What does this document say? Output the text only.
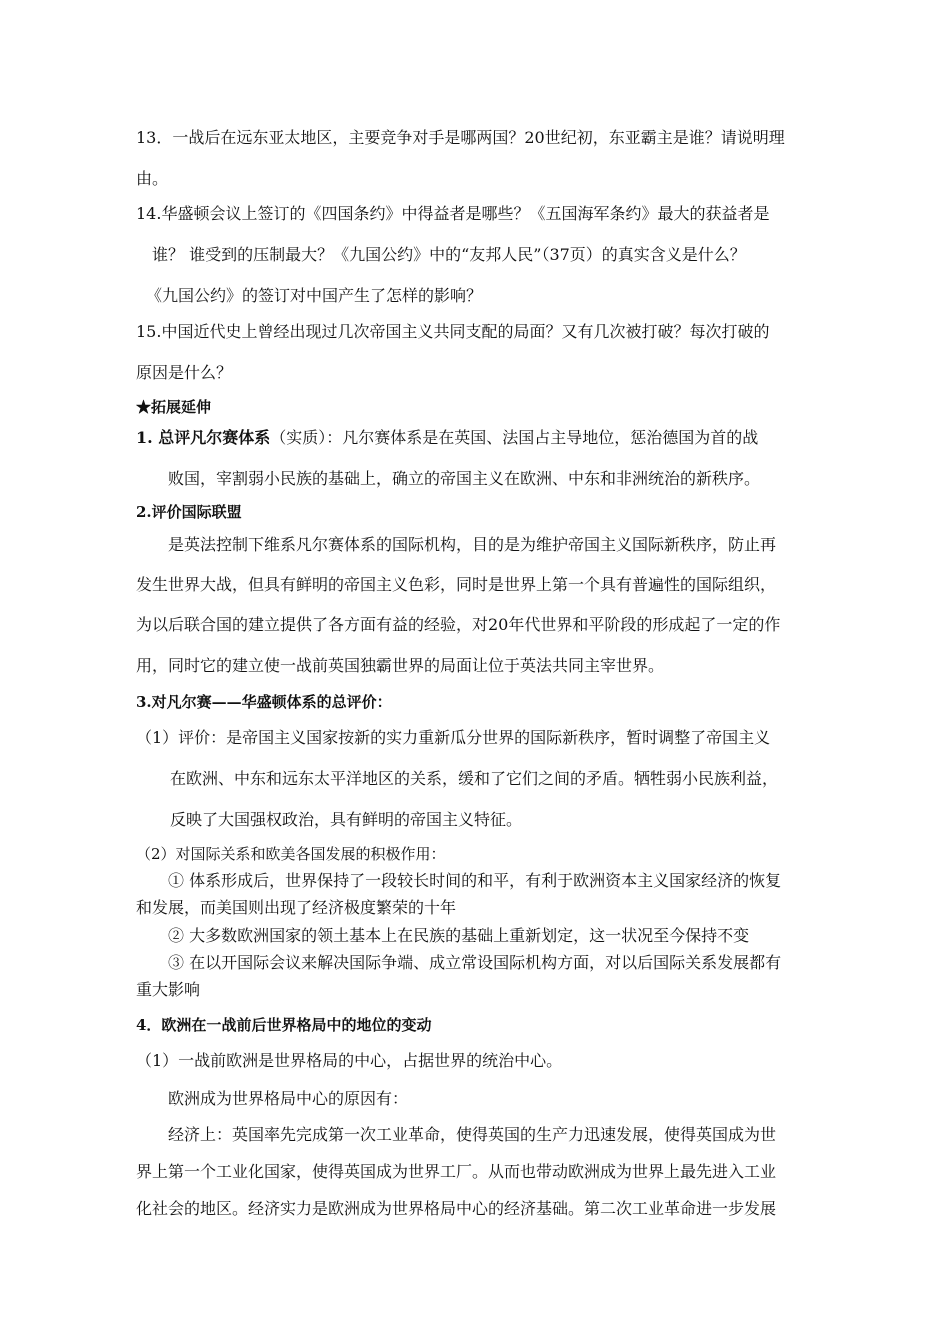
13．一战后在远东亚太地区，主要竞争对手是哪两国？20世纪初，东亚霸主是谁？请说明理
由。
14.华盛顿会议上签订的《四国条约》中得益者是哪些？《五国海军条约》最大的获益者是
谁？ 谁受到的压制最大？《九国公约》中的“友邦人民”（37页）的真实含义是什么？
《九国公约》的签订对中国产生了怎样的影响？
15.中国近代史上曾经出现过几次帝国主义共同支配的局面？又有几次被打破？每次打破的
原因是什么？
★拓展延伸
1. 总评凡尔赛体系（实质）：凡尔赛体系是在英国、法国占主导地位，惩治德国为首的战
败国，宰割弱小民族的基础上，确立的帝国主义在欧洲、中东和非洲统治的新秩序。
2.评价国际联盟
是英法控制下维系凡尔赛体系的国际机构，目的是为维护帝国主义国际新秩序，防止再
发生世界大战，但具有鲜明的帝国主义色彩，同时是世界上第一个具有普遍性的国际组织，
为以后联合国的建立提供了各方面有益的经验，对20年代世界和平阶段的形成起了一定的作
用，同时它的建立使一战前英国独霸世界的局面让位于英法共同主宰世界。
3.对凡尔赛——华盛顿体系的总评价：
（1）评价：是帝国主义国家按新的实力重新瓜分世界的国际新秩序，暂时调整了帝国主义
在欧洲、中东和远东太平洋地区的关系，缓和了它们之间的矛盾。牺牲弱小民族利益，
反映了大国强权政治，具有鲜明的帝国主义特征。
（2）对国际关系和欧美各国发展的积极作用：
① 体系形成后，世界保持了一段较长时间的和平，有利于欧洲资本主义国家经济的恢复
和发展，而美国则出现了经济极度繁荣的十年
② 大多数欧洲国家的领土基本上在民族的基础上重新划定，这一状况至今保持不变
③ 在以开国际会议来解决国际争端、成立常设国际机构方面，对以后国际关系发展都有
重大影响
4．欧洲在一战前后世界格局中的地位的变动
（1）一战前欧洲是世界格局的中心，占据世界的统治中心。
欧洲成为世界格局中心的原因有：
经济上：英国率先完成第一次工业革命，使得英国的生产力迅速发展，使得英国成为世
界上第一个工业化国家，使得英国成为世界工厂。从而也带动欧洲成为世界上最先进入工业
化社会的地区。经济实力是欧洲成为世界格局中心的经济基础。第二次工业革命进一步发展
